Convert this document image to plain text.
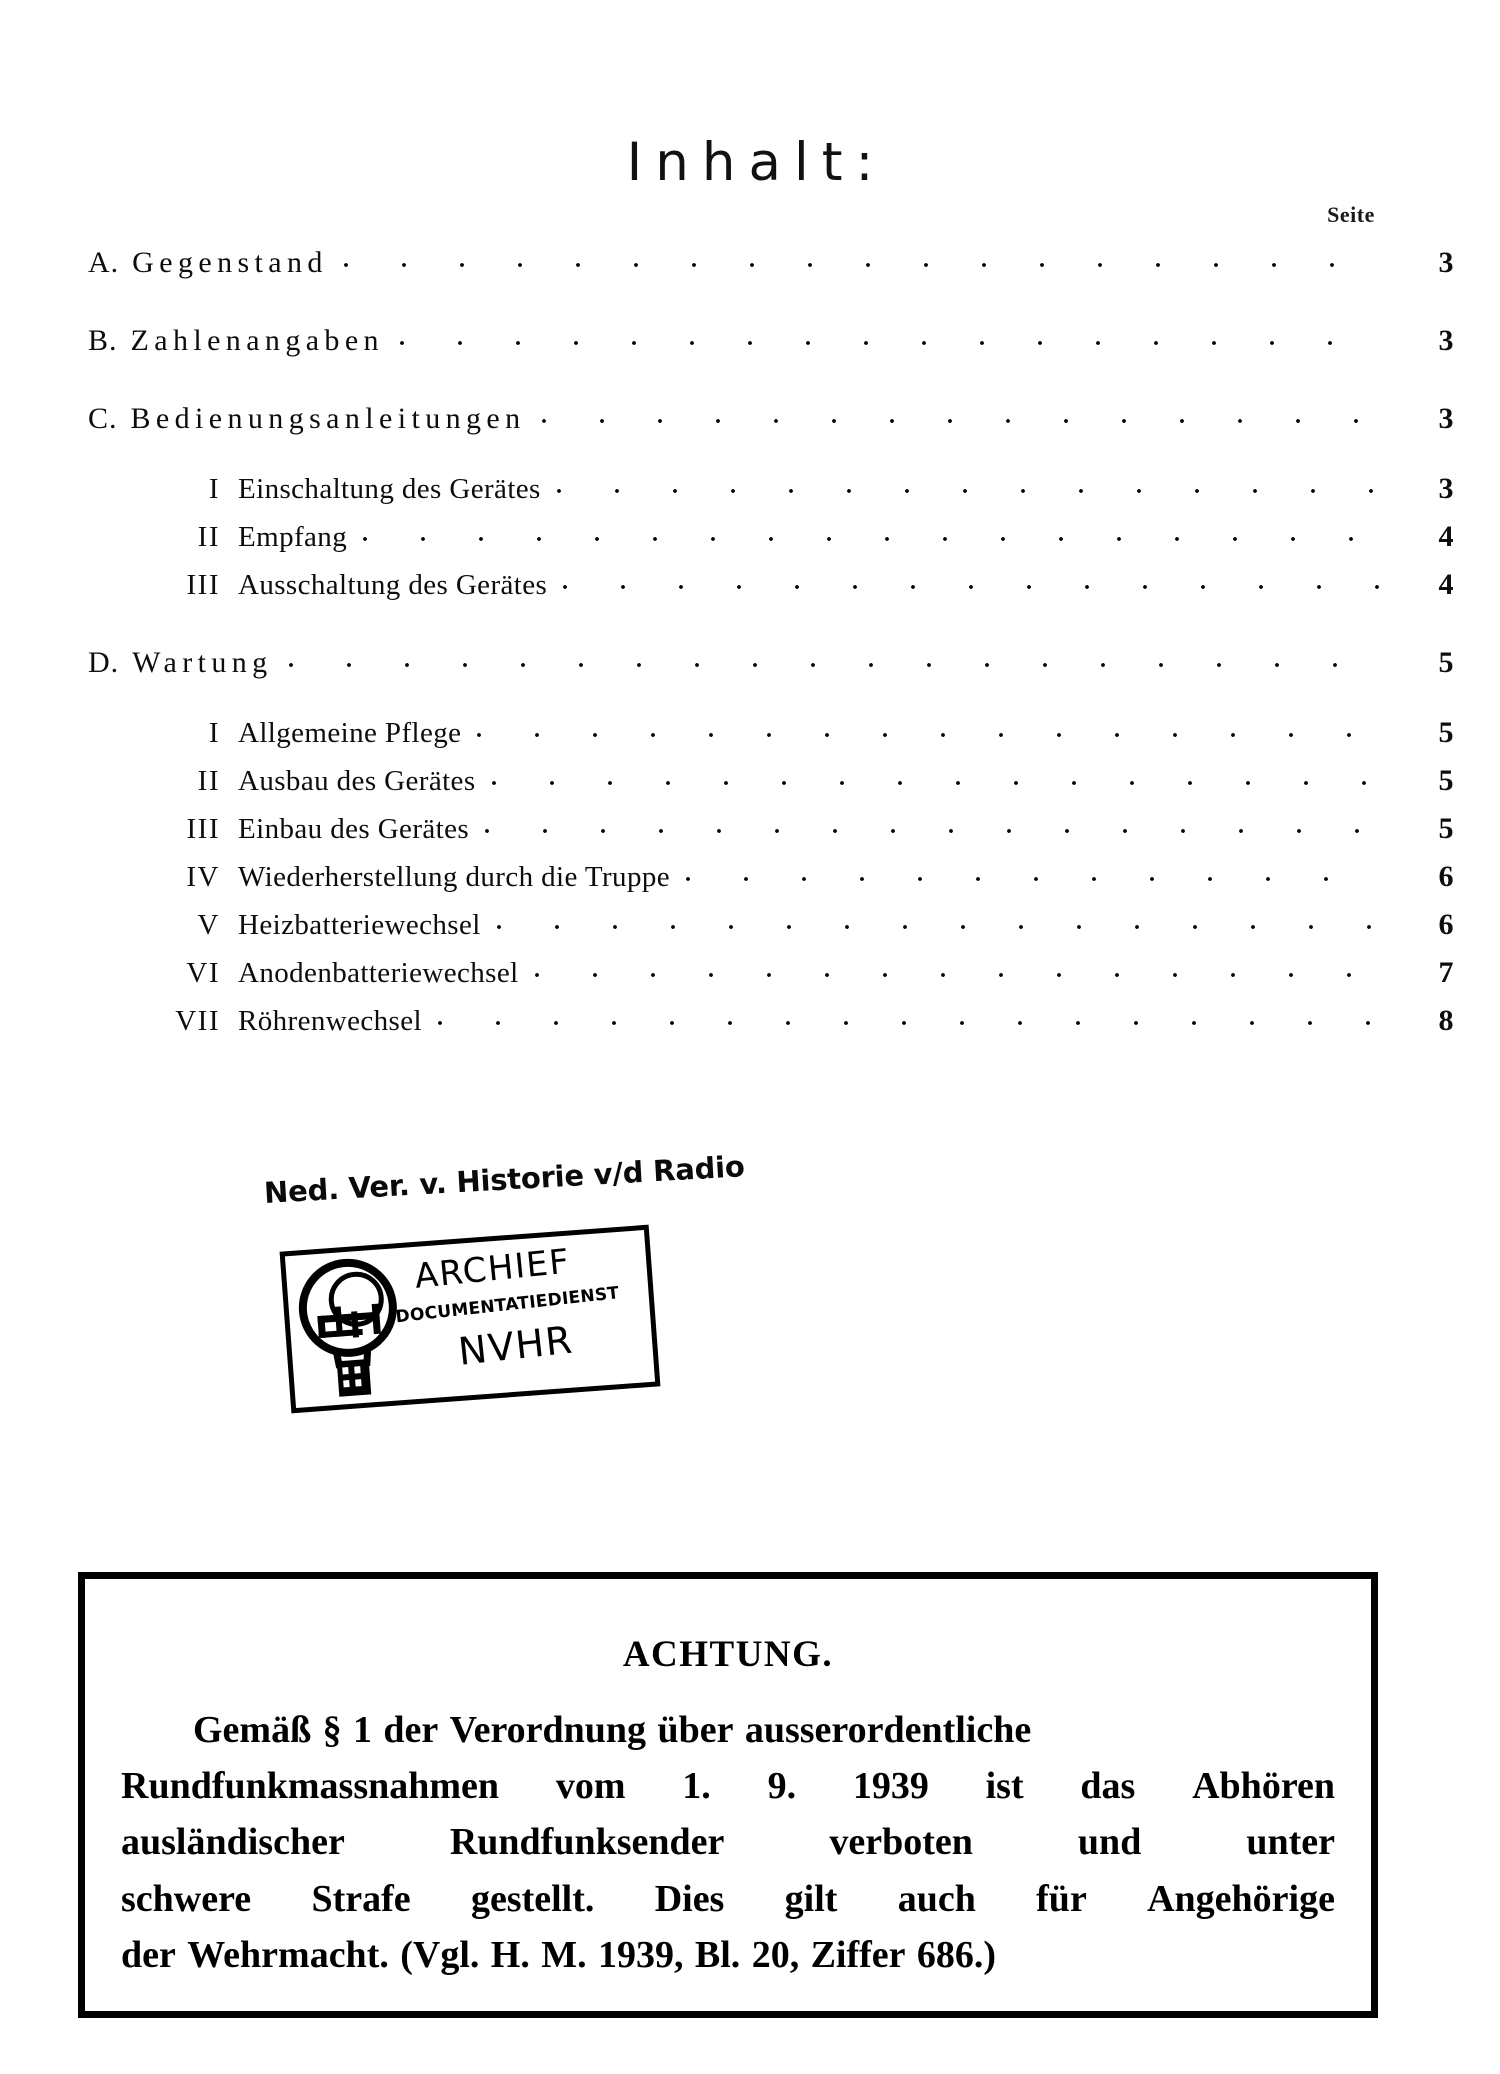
Inhalt:
Seite
A. Gegenstand	3
B. Zahlenangaben	3
C. Bedienungsanleitungen	3
I Einschaltung des Gerätes	3
II Empfang	4
III Ausschaltung des Gerätes	4
D. Wartung	5
I Allgemeine Pflege	5
II Ausbau des Gerätes	5
III Einbau des Gerätes	5
IV Wiederherstellung durch die Truppe	6
V Heizbatteriewechsel	6
VI Anodenbatteriewechsel	7
VII Röhrenwechsel	8
Ned. Ver. v. Historie v/d Radio
ARCHIEF
DOCUMENTATIEDIENST
NVHR
ACHTUNG.
Gemäß § 1 der Verordnung über ausserordentliche
Rundfunkmassnahmen vom 1. 9. 1939 ist das Abhören
ausländischer	Rundfunksender	verboten	und	unter
schwere Strafe gestellt. Dies gilt auch für Angehörige
der Wehrmacht. (Vgl. H. M. 1939, Bl. 20, Ziffer 686.)
